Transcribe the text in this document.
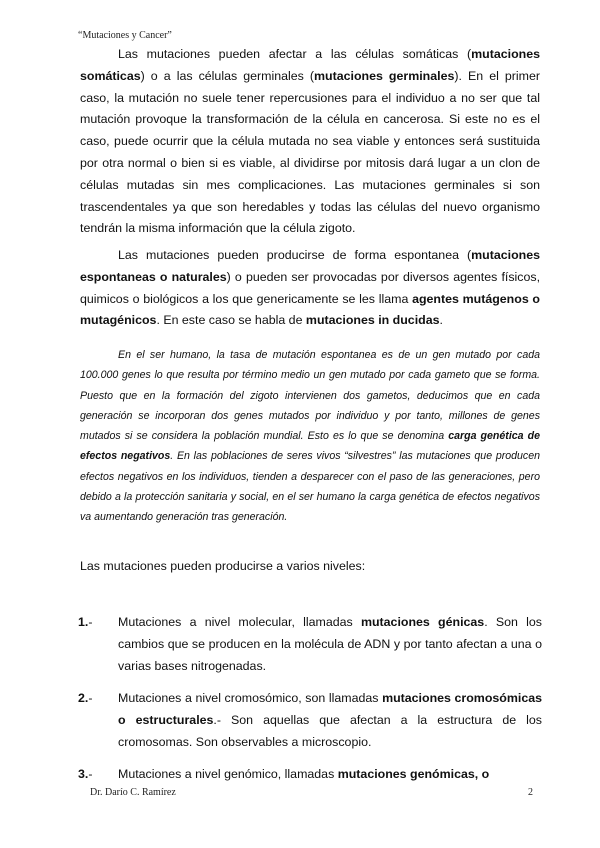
“Mutaciones y Cancer”

Las mutaciones pueden afectar a las células somáticas (mutaciones somáticas) o a las células germinales (mutaciones germinales). En el primer caso, la mutación no suele tener repercusiones para el individuo a no ser que tal mutación provoque la transformación de la célula en cancerosa. Si este no es el caso, puede ocurrir que la célula mutada no sea viable y entonces será sustituida por otra normal o bien si es viable, al dividirse por mitosis dará lugar a un clon de células mutadas sin mes complicaciones. Las mutaciones germinales si son trascendentales ya que son heredables y todas las células del nuevo organismo tendrán la misma información que la célula zigoto.

Las mutaciones pueden producirse de forma espontanea (mutaciones espontaneas o naturales) o pueden ser provocadas por diversos agentes físicos, quimicos o biológicos a los que genericamente se les llama agentes mutágenos o mutagénicos. En este caso se habla de mutaciones in ducidas.

En el ser humano, la tasa de mutación espontanea es de un gen mutado por cada 100.000 genes lo que resulta por término medio un gen mutado por cada gameto que se forma. Puesto que en la formación del zigoto intervienen dos gametos, deducimos que en cada generación se incorporan dos genes mutados por individuo y por tanto, millones de genes mutados si se considera la población mundial. Esto es lo que se denomina carga genética de efectos negativos. En las poblaciones de seres vivos “silvestres” las mutaciones que producen efectos negativos en los individuos, tienden a desparecer con el paso de las generaciones, pero debido a la protección sanitaria y social, en el ser humano la carga genética de efectos negativos va aumentando generación tras generación.

Las mutaciones pueden producirse a varios niveles:
1.- Mutaciones a nivel molecular, llamadas mutaciones génicas. Son los cambios que se producen en la molécula de ADN y por tanto afectan a una o varias bases nitrogenadas.
2.- Mutaciones a nivel cromosómico, son llamadas mutaciones cromosómicas o estructurales.- Son aquellas que afectan a la estructura de los cromosomas. Son observables a microscopio.
3.- Mutaciones a nivel genómico, llamadas mutaciones genómicas, o
Dr. Darío C. Ramírez	2
